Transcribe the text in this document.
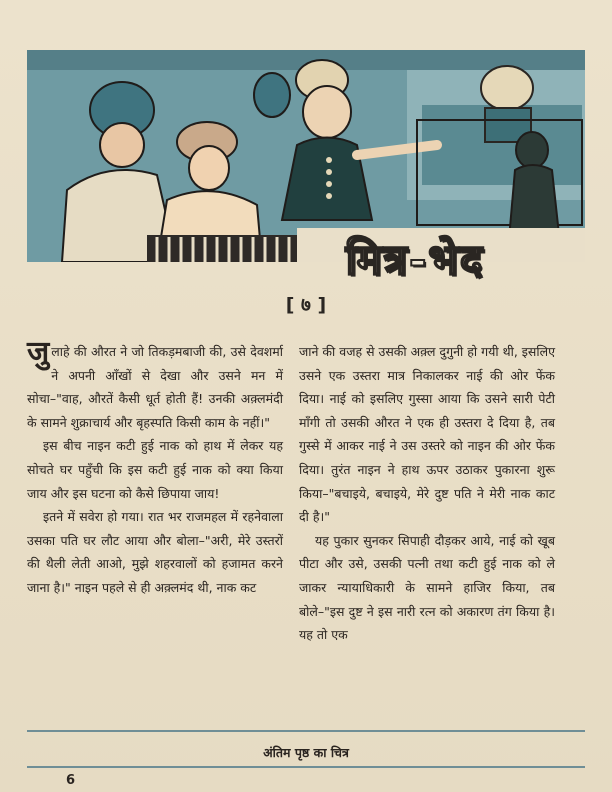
मित्र-भेद
[ ७ ]

जुलाहे की औरत ने जो तिकड़मबाजी की, उसे देवशर्मा ने अपनी आँखों से देखा और उसने मन में सोचा–"वाह, औरतें कैसी धूर्त होती हैं! उनकी अक़्लमंदी के सामने शुक्राचार्य और बृहस्पति किसी काम के नहीं।"

इस बीच नाइन कटी हुई नाक को हाथ में लेकर यह सोचते घर पहुँची कि इस कटी हुई नाक को क्या किया जाय और इस घटना को कैसे छिपाया जाय!

इतने में सवेरा हो गया। रात भर राजमहल में रहनेवाला उसका पति घर लौट आया और बोला–"अरी, मेरे उस्तरों की थैली लेती आओ, मुझे शहरवालों को हजामत करने जाना है।" नाइन पहले से ही अक़्लमंद थी, नाक कट

जाने की वजह से उसकी अक़्ल दुगुनी हो गयी थी, इसलिए उसने एक उस्तरा मात्र निकालकर नाई की ओर फेंक दिया। नाई को इसलिए गुस्सा आया कि उसने सारी पेटी माँगी तो उसकी औरत ने एक ही उस्तरा दे दिया है, तब गुस्से में आकर नाई ने उस उस्तरे को नाइन की ओर फेंक दिया। तुरंत नाइन ने हाथ ऊपर उठाकर पुकारना शुरू किया–"बचाइये, बचाइये, मेरे दुष्ट पति ने मेरी नाक काट दी है।"

यह पुकार सुनकर सिपाही दौड़कर आये, नाई को खूब पीटा और उसे, उसकी पत्नी तथा कटी हुई नाक को ले जाकर न्यायाधिकारी के सामने हाजिर किया, तब बोले–"इस दुष्ट ने इस नारी रत्न को अकारण तंग किया है। यह तो एक

अंतिम पृष्ठ का चित्र
6
